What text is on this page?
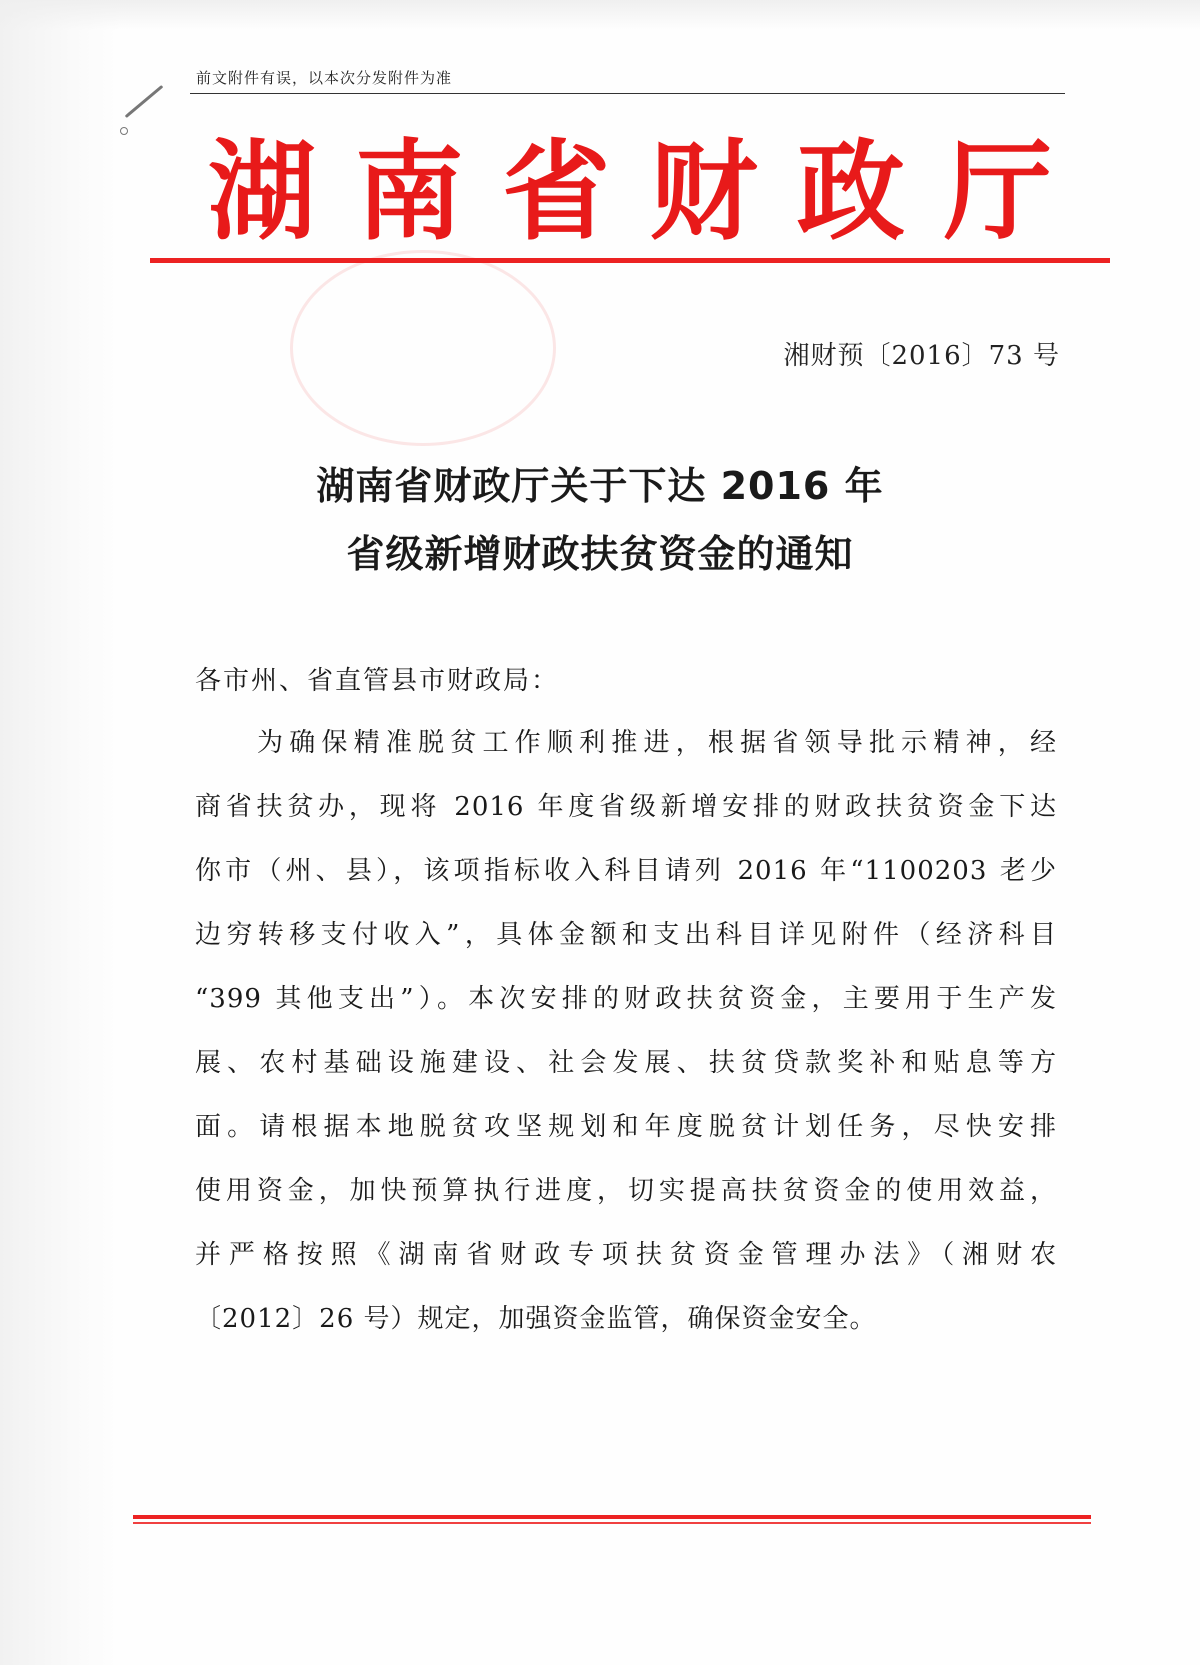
前文附件有误，以本次分发附件为准
湖 南 省 财 政 厅
湘财预〔2016〕73 号
湖南省财政厅关于下达 2016 年
省级新增财政扶贫资金的通知
各市州、省直管县市财政局：
为确保精准脱贫工作顺利推进，根据省领导批示精神，经
商省扶贫办，现将 2016 年度省级新增安排的财政扶贫资金下达
你市（州、县），该项指标收入科目请列 2016 年“1100203 老少
边穷转移支付收入”，具体金额和支出科目详见附件（经济科目
“399 其他支出”）。本次安排的财政扶贫资金，主要用于生产发
展、农村基础设施建设、社会发展、扶贫贷款奖补和贴息等方
面。请根据本地脱贫攻坚规划和年度脱贫计划任务，尽快安排
使用资金，加快预算执行进度，切实提高扶贫资金的使用效益，
并严格按照《湖南省财政专项扶贫资金管理办法》（湘财农
〔2012〕26 号）规定，加强资金监管，确保资金安全。
